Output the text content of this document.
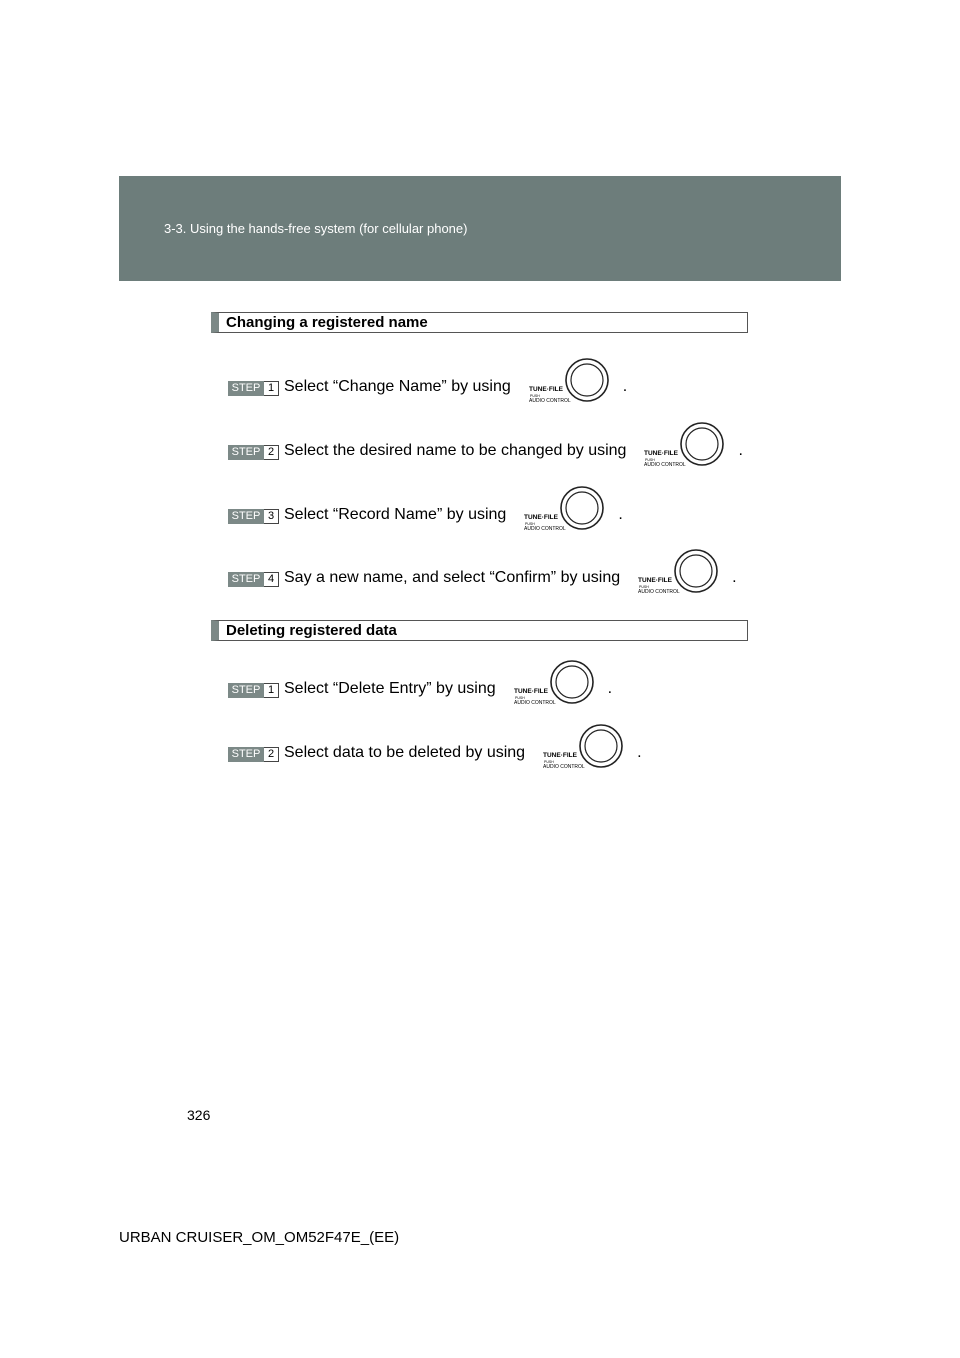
3-3. Using the hands-free system (for cellular phone)
Changing a registered name
STEP 1 Select “Change Name” by using	TUNE·FILE
PUSH
AUDIO CONTROL
.
STEP 2 Select the desired name to be changed by using	TUNE·FILE
PUSH
AUDIO CONTROL
.
STEP 3 Select “Record Name” by using	TUNE·FILE
PUSH
AUDIO CONTROL
.
STEP 4 Say a new name, and select “Confirm” by using	TUNE·FILE
PUSH
AUDIO CONTROL
.
Deleting registered data
STEP 1 Select “Delete Entry” by using	TUNE·FILE
PUSH
AUDIO CONTROL
.
STEP 2 Select data to be deleted by using	TUNE·FILE
PUSH
AUDIO CONTROL
.
326
URBAN CRUISER_OM_OM52F47E_(EE)
